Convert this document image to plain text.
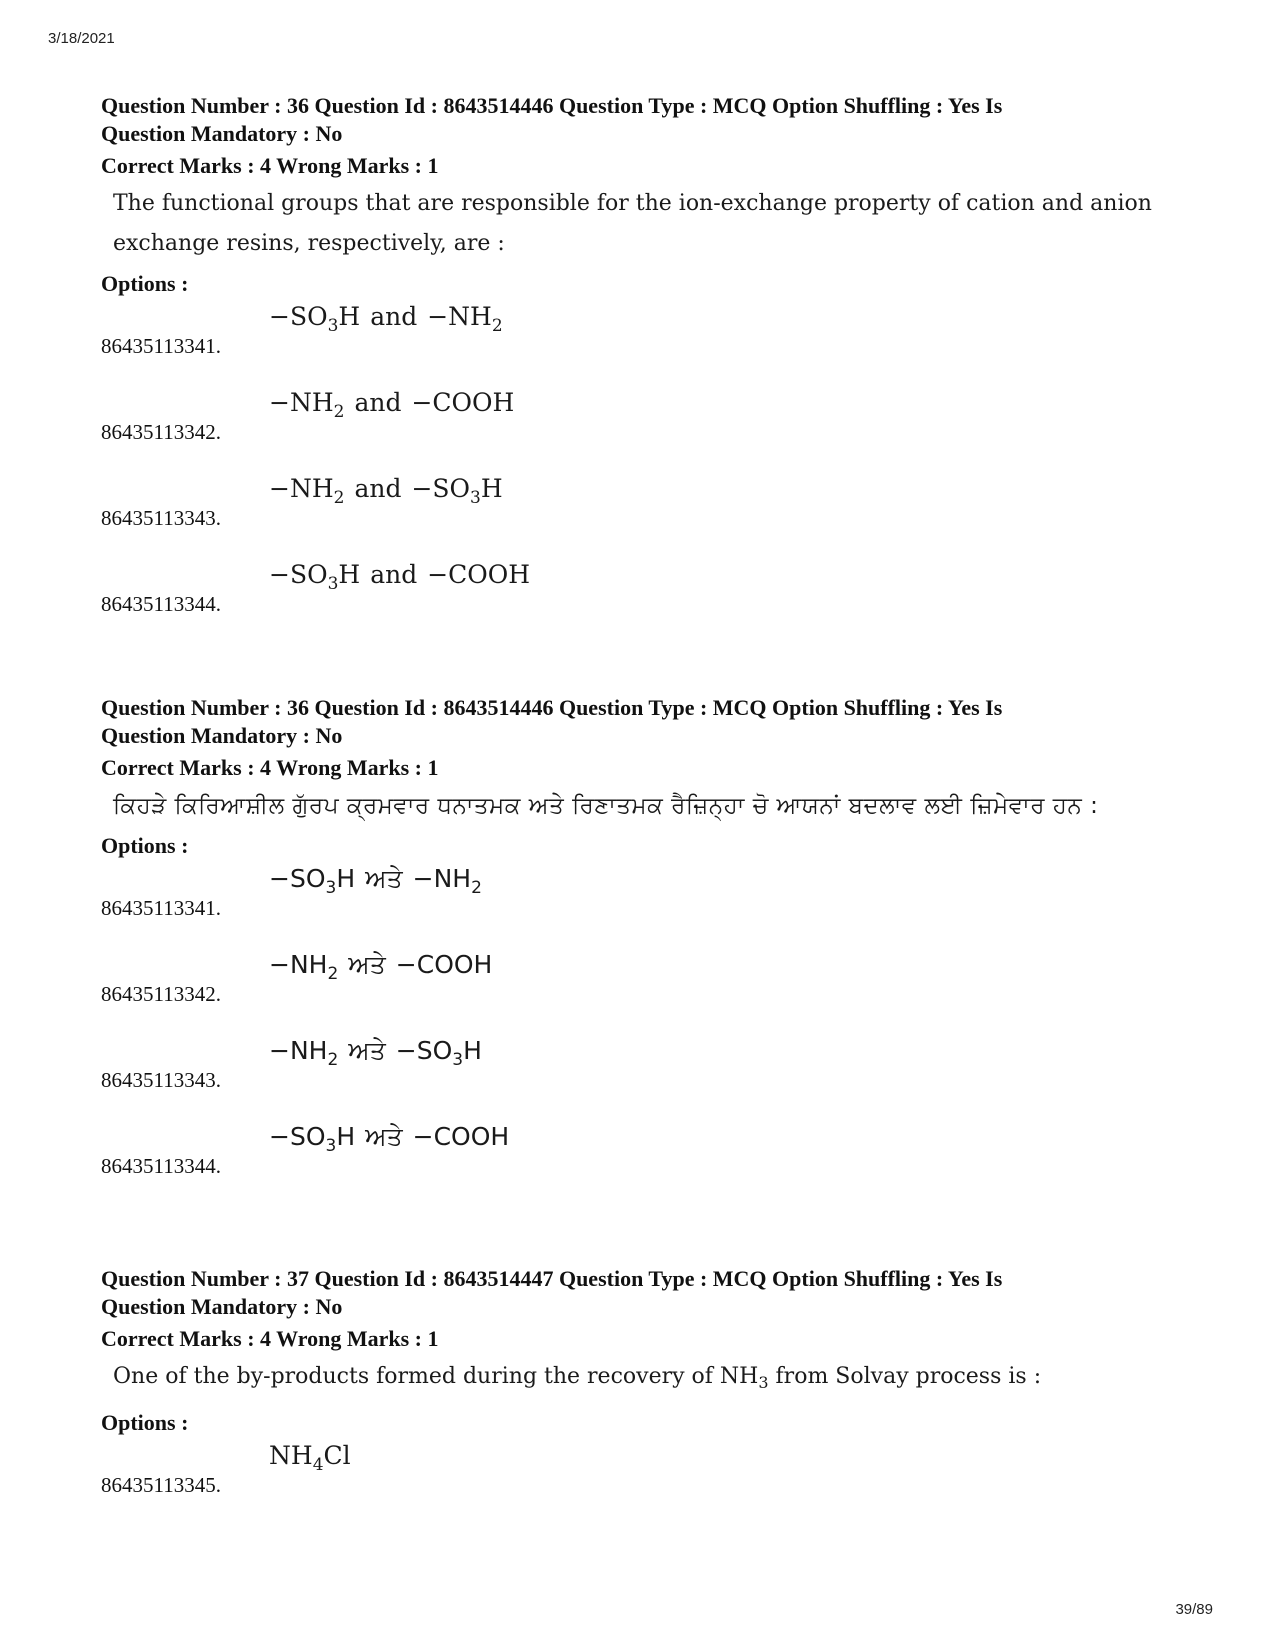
3/18/2021
Question Number : 36 Question Id : 8643514446 Question Type : MCQ Option Shuffling : Yes Is
Question Mandatory : No
Correct Marks : 4 Wrong Marks : 1
The functional groups that are responsible for the ion-exchange property of cation and anion
exchange resins, respectively, are :
Options :
86435113341.
$-SO_3H$ and $-NH_2$
86435113342.
$-NH_2$ and −COOH
86435113343.
$-NH_2$ and $-SO_3H$
86435113344.
$-SO_3H$ and −COOH
Question Number : 36 Question Id : 8643514446 Question Type : MCQ Option Shuffling : Yes Is
Question Mandatory : No
Correct Marks : 4 Wrong Marks : 1
ਕਿਹੜੇ ਕਿਰਿਆਸ਼ੀਲ ਗੁੱਰਪ ਕ੍ਰਮਵਾਰ ਧਨਾਤਮਕ ਅਤੇ ਰਿਣਾਤਮਕ ਰੈਜ਼ਿਨ੍ਹਾ ਚੋ ਆਯਨਾਂ ਬਦਲਾਵ ਲਈ ਜ਼ਿਮੇਵਾਰ ਹਨ :
Options :
86435113341.
$-SO_3H$ ਅਤੇ $-NH_2$
86435113342.
$-NH_2$ ਅਤੇ −COOH
86435113343.
$-NH_2$ ਅਤੇ $-SO_3H$
86435113344.
$-SO_3H$ ਅਤੇ −COOH
Question Number : 37 Question Id : 8643514447 Question Type : MCQ Option Shuffling : Yes Is
Question Mandatory : No
Correct Marks : 4 Wrong Marks : 1
One of the by-products formed during the recovery of $NH_3$ from Solvay process is :
Options :
86435113345.
$NH_4Cl$
39/89
